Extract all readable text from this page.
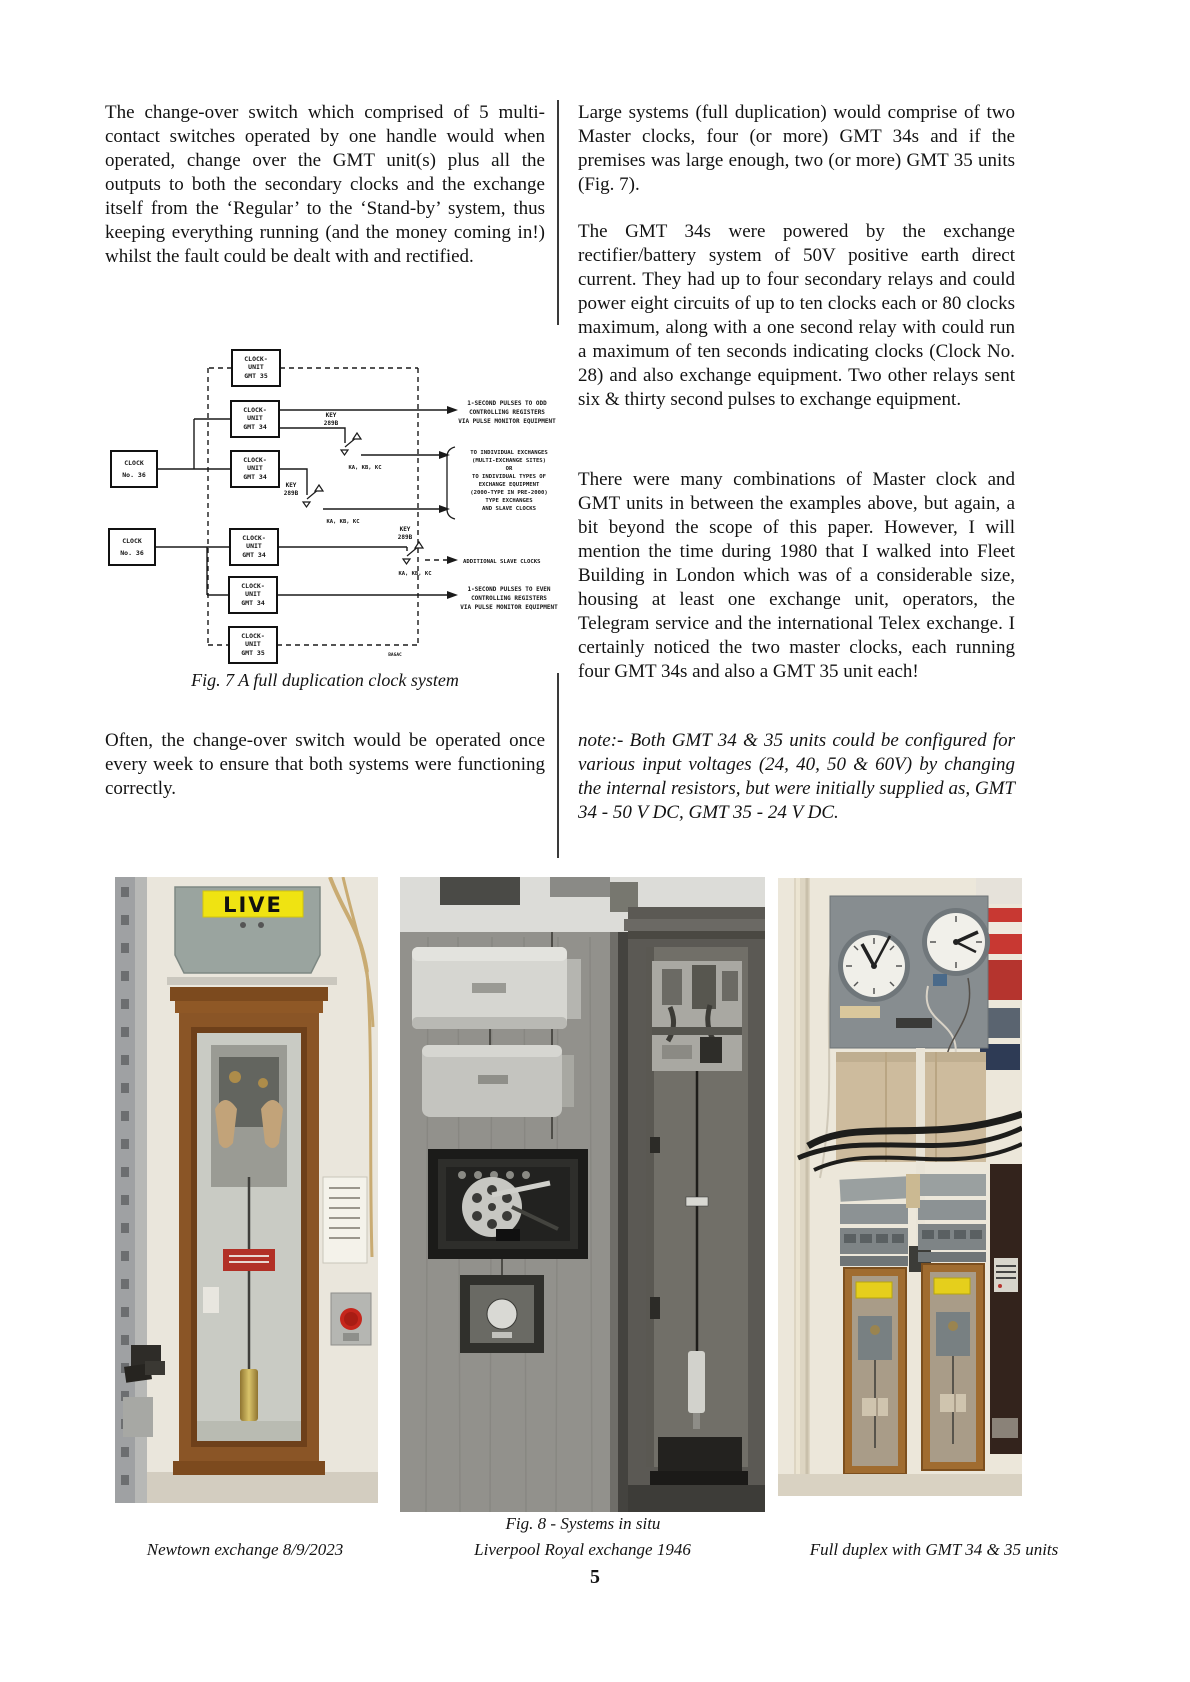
The change-over switch which comprised of 5 multi-contact switches operated by one handle would when operated, change over the GMT unit(s) plus all the outputs to both the secondary clocks and the exchange itself from the ‘Regular’ to the ‘Stand-by’ system, thus keeping everything running (and the money coming in!) whilst the fault could be dealt with and rectified.
Often, the change-over switch would be operated once every week to ensure that both systems were functioning correctly.
Large systems (full duplication) would comprise of two Master clocks, four (or more) GMT 34s and if the premises was large enough, two (or more) GMT 35 units (Fig. 7).
The GMT 34s were powered by the exchange rectifier/battery system of 50V positive earth direct current. They had up to four secondary relays and could power eight circuits of up to ten clocks each or 80 clocks maximum, along with a one second relay with could run a maximum of ten seconds indicating clocks (Clock No. 28) and also exchange equipment. Two other relays sent six & thirty second pulses to exchange equipment.
There were many combinations of Master clock and GMT units in between the examples above, but again, a bit beyond the scope of this paper. However, I will mention the time during 1980 that I walked into Fleet Building in London which was of a considerable size, housing at least one exchange unit, operators, the Telegram service and the international Telex exchange. I certainly noticed the two master clocks, each running four GMT 34s and also a GMT 35 unit each!
note:- Both GMT 34 & 35 units could be configured for various input voltages (24, 40, 50 & 60V) by changing the internal resistors, but were initially supplied as, GMT 34 - 50 V DC, GMT 35 - 24 V DC.
CLOCK-
UNIT
GMT 35
CLOCK-
UNIT
GMT 34
CLOCK-
UNIT
GMT 34
CLOCK
No. 36
CLOCK
No. 36
CLOCK-
UNIT
GMT 34
CLOCK-
UNIT
GMT 34
CLOCK-
UNIT
GMT 35
KEY
289B
KA, KB, KC
KEY
289B
KA, KB, KC
KEY
289B
KA, KB, KC
BAGAC
1-SECOND PULSES TO ODD
CONTROLLING REGISTERS
VIA PULSE MONITOR EQUIPMENT
TO INDIVIDUAL EXCHANGES
(MULTI-EXCHANGE SITES)
OR
TO INDIVIDUAL TYPES OF
EXCHANGE EQUIPMENT
(2000-TYPE IN PRE-2000)
TYPE EXCHANGES
AND SLAVE CLOCKS
ADDITIONAL SLAVE CLOCKS
1-SECOND PULSES TO EVEN
CONTROLLING REGISTERS
VIA PULSE MONITOR EQUIPMENT
Fig. 7 A full duplication clock system
LIVE
Fig. 8 - Systems in situ
Newtown exchange 8/9/2023	Liverpool Royal exchange 1946	Full duplex with GMT 34 & 35 units
5
